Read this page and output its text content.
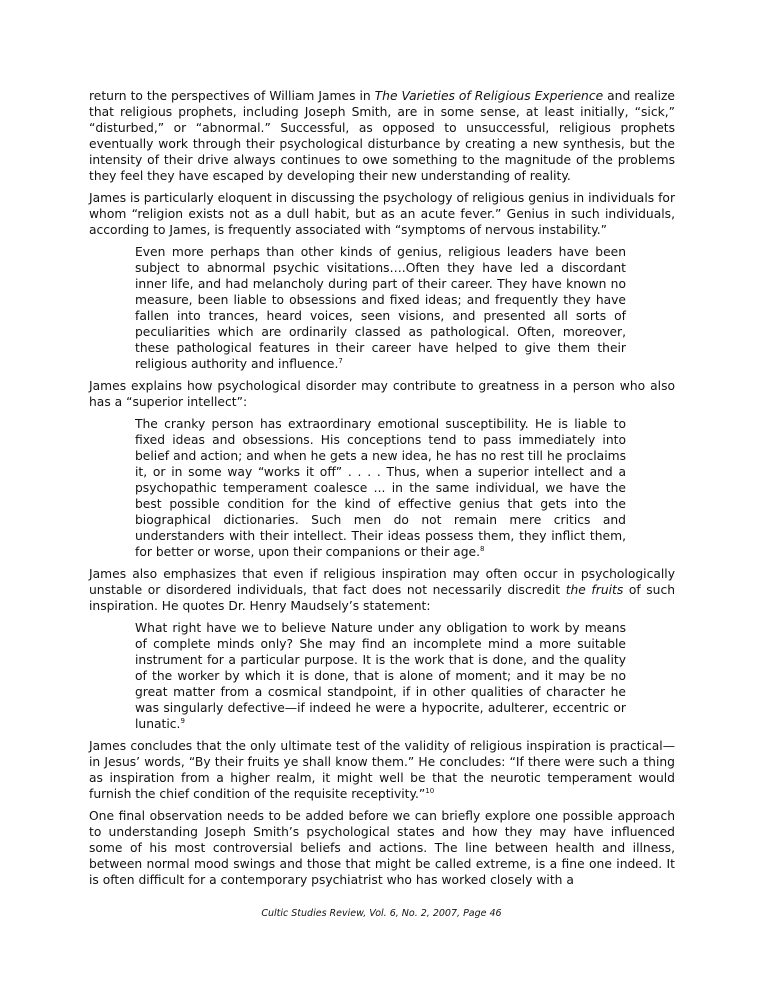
return to the perspectives of William James in The Varieties of Religious Experience and realize that religious prophets, including Joseph Smith, are in some sense, at least initially, “sick,” “disturbed,” or “abnormal.” Successful, as opposed to unsuccessful, religious prophets eventually work through their psychological disturbance by creating a new synthesis, but the intensity of their drive always continues to owe something to the magnitude of the problems they feel they have escaped by developing their new understanding of reality.

James is particularly eloquent in discussing the psychology of religious genius in individuals for whom “religion exists not as a dull habit, but as an acute fever.” Genius in such individuals, according to James, is frequently associated with “symptoms of nervous instability.”

Even more perhaps than other kinds of genius, religious leaders have been subject to abnormal psychic visitations….Often they have led a discordant inner life, and had melancholy during part of their career. They have known no measure, been liable to obsessions and fixed ideas; and frequently they have fallen into trances, heard voices, seen visions, and presented all sorts of peculiarities which are ordinarily classed as pathological. Often, moreover, these pathological features in their career have helped to give them their religious authority and influence.$^7$

James explains how psychological disorder may contribute to greatness in a person who also has a “superior intellect”:

The cranky person has extraordinary emotional susceptibility. He is liable to fixed ideas and obsessions. His conceptions tend to pass immediately into belief and action; and when he gets a new idea, he has no rest till he proclaims it, or in some way “works it off” . . . . Thus, when a superior intellect and a psychopathic temperament coalesce ... in the same individual, we have the best possible condition for the kind of effective genius that gets into the biographical dictionaries. Such men do not remain mere critics and understanders with their intellect. Their ideas possess them, they inflict them, for better or worse, upon their companions or their age.$^8$

James also emphasizes that even if religious inspiration may often occur in psychologically unstable or disordered individuals, that fact does not necessarily discredit the fruits of such inspiration. He quotes Dr. Henry Maudsely’s statement:

What right have we to believe Nature under any obligation to work by means of complete minds only? She may find an incomplete mind a more suitable instrument for a particular purpose. It is the work that is done, and the quality of the worker by which it is done, that is alone of moment; and it may be no great matter from a cosmical standpoint, if in other qualities of character he was singularly defective—if indeed he were a hypocrite, adulterer, eccentric or lunatic.$^9$

James concludes that the only ultimate test of the validity of religious inspiration is practical—in Jesus’ words, “By their fruits ye shall know them.” He concludes: “If there were such a thing as inspiration from a higher realm, it might well be that the neurotic temperament would furnish the chief condition of the requisite receptivity.”$^{10}$

One final observation needs to be added before we can briefly explore one possible approach to understanding Joseph Smith’s psychological states and how they may have influenced some of his most controversial beliefs and actions. The line between health and illness, between normal mood swings and those that might be called extreme, is a fine one indeed. It is often difficult for a contemporary psychiatrist who has worked closely with a

Cultic Studies Review, Vol. 6, No. 2, 2007, Page 46
